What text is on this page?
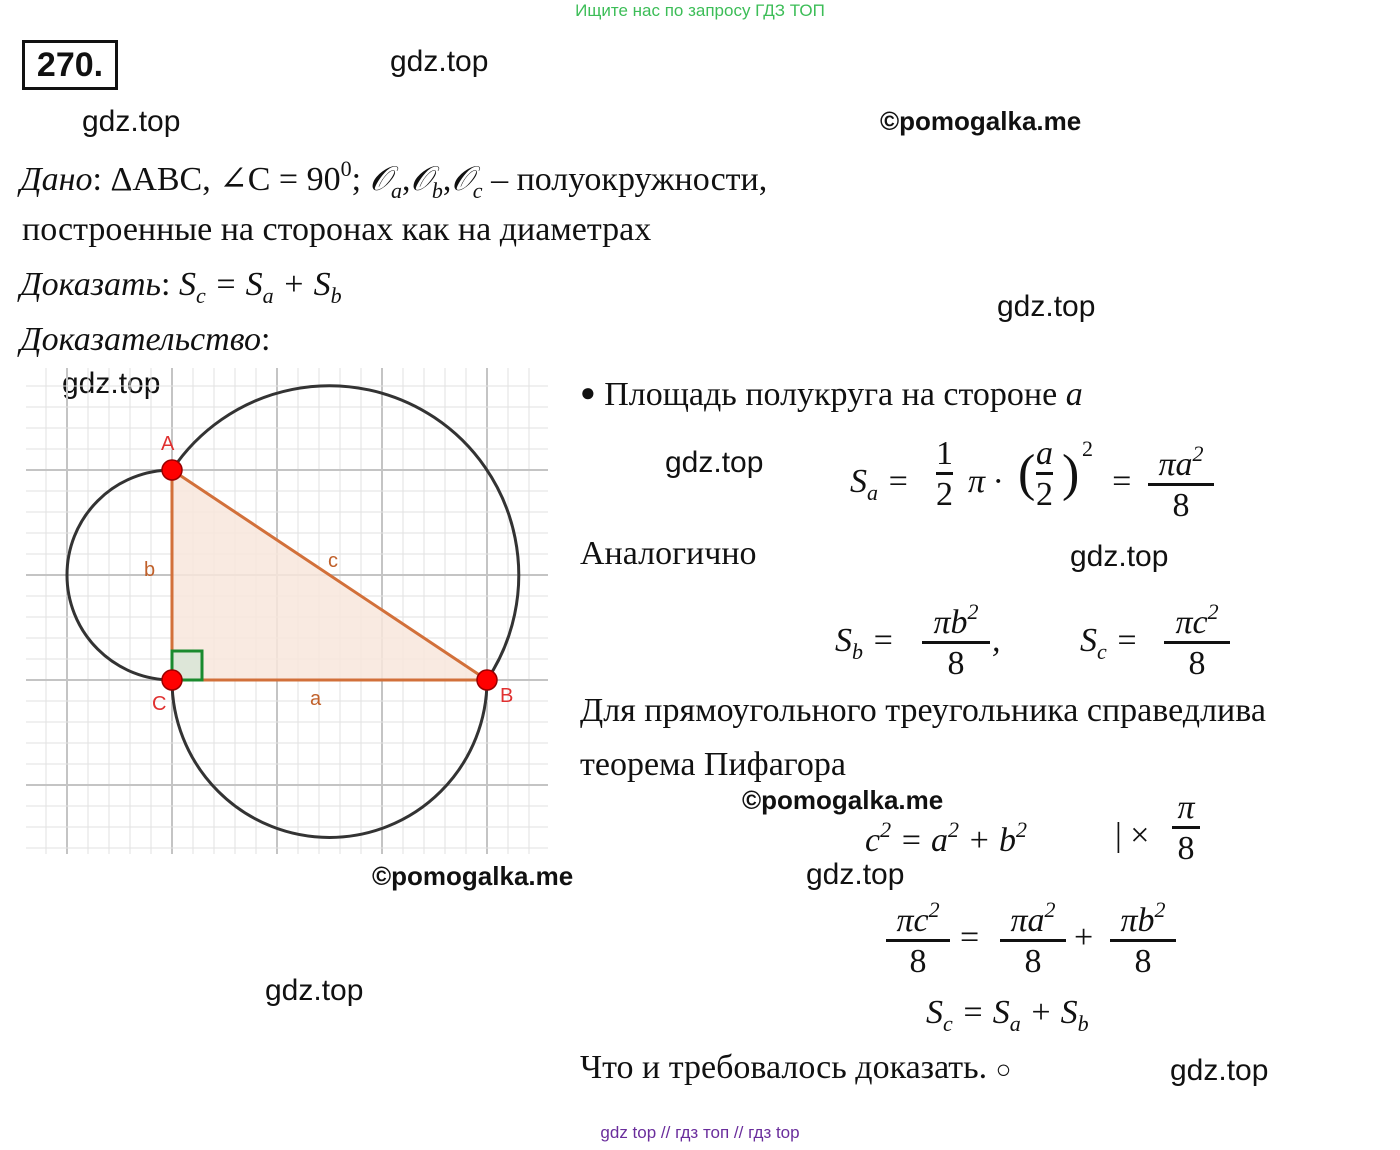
Ищите нас по запросу ГДЗ ТОП
270.	gdz.top
gdz.top	©pomogalka.me
gdz.top
gdz.top
gdz.top
gdz.top
©pomogalka.me
©pomogalka.me	gdz.top
gdz.top
gdz.top
Дано: ΔABC, ∠C = $90^0$; 𝒪$_a$,𝒪$_b$,𝒪$_c$ – полуокружности,
построенные на сторонах как на диаметрах
Доказать: $S_c = S_a + S_b$
Доказательство:
A
B
C	a
b	c
● Площадь полукруга на стороне a
$S_a = \frac{1}{2}$ π · ( $\frac{a}{2}$ ) 2
= $\frac{\pi a^2}{8}$
Аналогично
$S_b = \frac{\pi b^2}{8}$ , $S_c = \frac{\pi c^2}{8}$
Для прямоугольного треугольника справедлива
теорема Пифагора
$c^2 = a^2 + b^2$	| × $\frac{\pi}{8}$
$\frac{\pi c^2}{8} = \frac{\pi a^2}{8} + \frac{\pi b^2}{8}$
$S_c = S_a + S_b$
Что и требовалось доказать. ○
gdz top // гдз топ // гдз top
